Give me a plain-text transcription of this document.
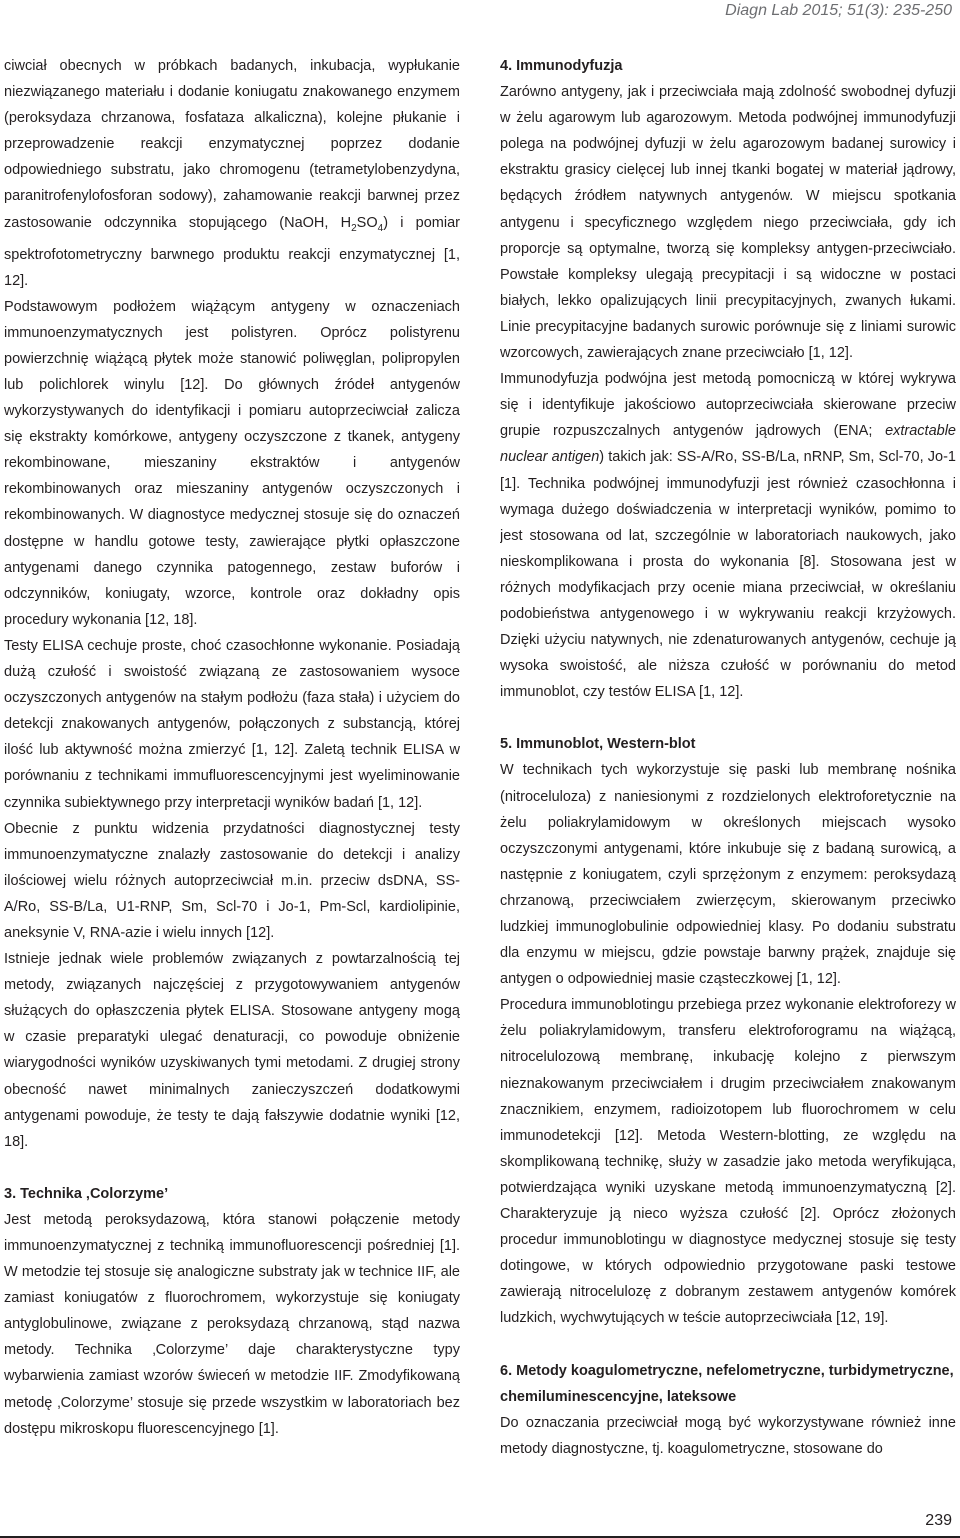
Diagn Lab 2015; 51(3): 235-250

ciwciał obecnych w próbkach badanych, inkubacja, wypłukanie niezwiązanego materiału i dodanie koniugatu znakowanego enzymem (peroksydaza chrzanowa, fosfataza alkaliczna), kolejne płukanie i przeprowadzenie reakcji enzymatycznej poprzez dodanie odpowiedniego substratu, jako chromogenu (tetrametylobenzydyna, paranitrofenylofosforan sodowy), zahamowanie reakcji barwnej przez zastosowanie odczynnika stopującego (NaOH, $H_2SO_4$) i pomiar spektrofotometryczny barwnego produktu reakcji enzymatycznej [1, 12].

Podstawowym podłożem wiążącym antygeny w oznaczeniach immunoenzymatycznych jest polistyren. Oprócz polistyrenu powierzchnię wiążącą płytek może stanowić poliwęglan, polipropylen lub polichlorek winylu [12]. Do głównych źródeł antygenów wykorzystywanych do identyfikacji i pomiaru autoprzeciwciał zalicza się ekstrakty komórkowe, antygeny oczyszczone z tkanek, antygeny rekombinowane, mieszaniny ekstraktów i antygenów rekombinowanych oraz mieszaniny antygenów oczyszczonych i rekombinowanych. W diagnostyce medycznej stosuje się do oznaczeń dostępne w handlu gotowe testy, zawierające płytki opłaszczone antygenami danego czynnika patogennego, zestaw buforów i odczynników, koniugaty, wzorce, kontrole oraz dokładny opis procedury wykonania [12, 18].

Testy ELISA cechuje proste, choć czasochłonne wykonanie. Posiadają dużą czułość i swoistość związaną ze zastosowaniem wysoce oczyszczonych antygenów na stałym podłożu (faza stała) i użyciem do detekcji znakowanych antygenów, połączonych z substancją, której ilość lub aktywność można zmierzyć [1, 12]. Zaletą technik ELISA w porównaniu z technikami immufluorescencyjnymi jest wyeliminowanie czynnika subiektywnego przy interpretacji wyników badań [1, 12].

Obecnie z punktu widzenia przydatności diagnostycznej testy immunoenzymatyczne znalazły zastosowanie do detekcji i analizy ilościowej wielu różnych autoprzeciwciał m.in. przeciw dsDNA, SS-A/Ro, SS-B/La, U1-RNP, Sm, Scl-70 i Jo-1, Pm-Scl, kardiolipinie, aneksynie V, RNA-azie i wielu innych [12].

Istnieje jednak wiele problemów związanych z powtarzalnością tej metody, związanych najczęściej z przygotowywaniem antygenów służących do opłaszczenia płytek ELISA. Stosowane antygeny mogą w czasie preparatyki ulegać denaturacji, co powoduje obniżenie wiarygodności wyników uzyskiwanych tymi metodami. Z drugiej strony obecność nawet minimalnych zanieczyszczeń dodatkowymi antygenami powoduje, że testy te dają fałszywie dodatnie wyniki [12, 18].

3. Technika ‚Colorzyme’

Jest metodą peroksydazową, która stanowi połączenie metody immunoenzymatycznej z techniką immunofluorescencji pośredniej [1]. W metodzie tej stosuje się analogiczne substraty jak w technice IIF, ale zamiast koniugatów z fluorochromem, wykorzystuje się koniugaty antyglobulinowe, związane z peroksydazą chrzanową, stąd nazwa metody. Technika ‚Colorzyme’ daje charakterystyczne typy wybarwienia zamiast wzorów świeceń w metodzie IIF. Zmodyfikowaną metodę ‚Colorzyme’ stosuje się przede wszystkim w laboratoriach bez dostępu mikroskopu fluorescencyjnego [1].

4. Immunodyfuzja

Zarówno antygeny, jak i przeciwciała mają zdolność swobodnej dyfuzji w żelu agarowym lub agarozowym. Metoda podwójnej immunodyfuzji polega na podwójnej dyfuzji w żelu agarozowym badanej surowicy i ekstraktu grasicy cielęcej lub innej tkanki bogatej w materiał jądrowy, będących źródłem natywnych antygenów. W miejscu spotkania antygenu i specyficznego względem niego przeciwciała, gdy ich proporcje są optymalne, tworzą się kompleksy antygen-przeciwciało. Powstałe kompleksy ulegają precypitacji i są widoczne w postaci białych, lekko opalizujących linii precypitacyjnych, zwanych łukami. Linie precypitacyjne badanych surowic porównuje się z liniami surowic wzorcowych, zawierających znane przeciwciało [1, 12].

Immunodyfuzja podwójna jest metodą pomocniczą w której wykrywa się i identyfikuje jakościowo autoprzeciwciała skierowane przeciw grupie rozpuszczalnych antygenów jądrowych (ENA; extractable nuclear antigen) takich jak: SS-A/Ro, SS-B/La, nRNP, Sm, Scl-70, Jo-1 [1]. Technika podwójnej immunodyfuzji jest również czasochłonna i wymaga dużego doświadczenia w interpretacji wyników, pomimo to jest stosowana od lat, szczególnie w laboratoriach naukowych, jako nieskomplikowana i prosta do wykonania [8]. Stosowana jest w różnych modyfikacjach przy ocenie miana przeciwciał, w określaniu podobieństwa antygenowego i w wykrywaniu reakcji krzyżowych. Dzięki użyciu natywnych, nie zdenaturowanych antygenów, cechuje ją wysoka swoistość, ale niższa czułość w porównaniu do metod immunoblot, czy testów ELISA [1, 12].

5. Immunoblot, Western-blot

W technikach tych wykorzystuje się paski lub membranę nośnika (nitroceluloza) z naniesionymi z rozdzielonych elektroforetycznie na żelu poliakrylamidowym w określonych miejscach wysoko oczyszczonymi antygenami, które inkubuje się z badaną surowicą, a następnie z koniugatem, czyli sprzężonym z enzymem: peroksydazą chrzanową, przeciwciałem zwierzęcym, skierowanym przeciwko ludzkiej immunoglobulinie odpowiedniej klasy. Po dodaniu substratu dla enzymu w miejscu, gdzie powstaje barwny prążek, znajduje się antygen o odpowiedniej masie cząsteczkowej [1, 12].

Procedura immunoblotingu przebiega przez wykonanie elektroforezy w żelu poliakrylamidowym, transferu elektroforogramu na wiążącą, nitrocelulozową membranę, inkubację kolejno z pierwszym nieznakowanym przeciwciałem i drugim przeciwciałem znakowanym znacznikiem, enzymem, radioizotopem lub fluorochromem w celu immunodetekcji [12]. Metoda Western-blotting, ze względu na skomplikowaną technikę, służy w zasadzie jako metoda weryfikująca, potwierdzająca wyniki uzyskane metodą immunoenzymatyczną [2]. Charakteryzuje ją nieco wyższa czułość [2]. Oprócz złożonych procedur immunoblotingu w diagnostyce medycznej stosuje się testy dotingowe, w których odpowiednio przygotowane paski testowe zawierają nitrocelulozę z dobranym zestawem antygenów komórek ludzkich, wychwytujących w teście autoprzeciwciała [12, 19].

6. Metody koagulometryczne, nefelometryczne, turbidymetryczne, chemiluminescencyjne, lateksowe

Do oznaczania przeciwciał mogą być wykorzystywane również inne metody diagnostyczne, tj. koagulometryczne, stosowane do

239
